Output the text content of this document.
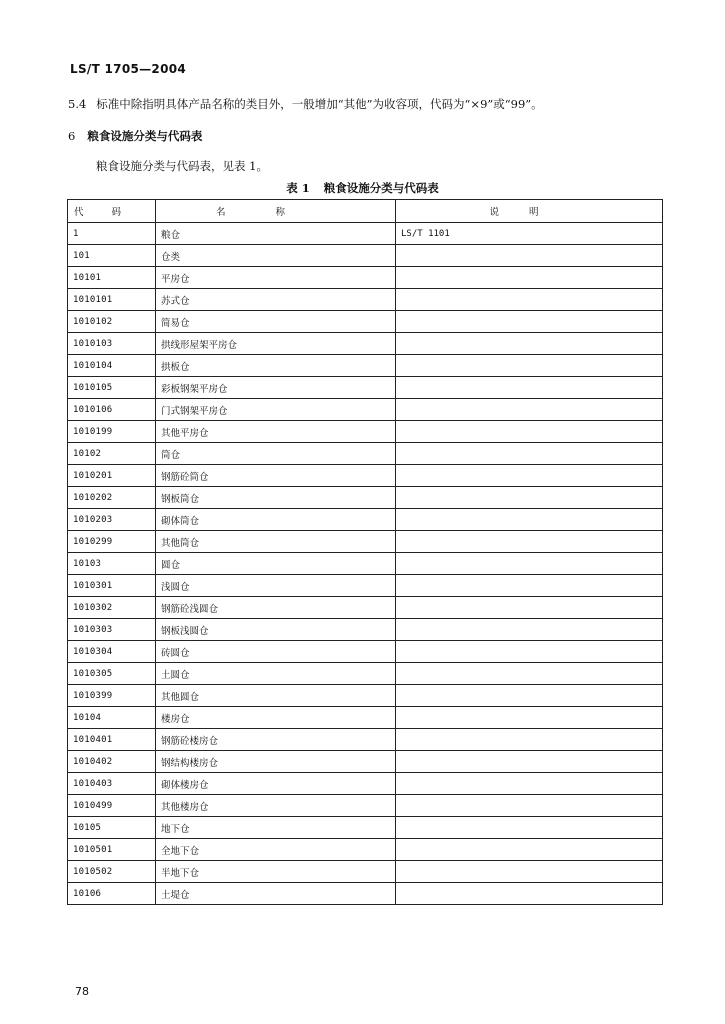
LS/T 1705—2004
5.4 标准中除指明具体产品名称的类目外，一般增加“其他”为收容项，代码为“×9”或“99”。
6 粮食设施分类与代码表
粮食设施分类与代码表，见表 1。
表 1 粮食设施分类与代码表
代码	名称	说明
1	粮仓	LS/T 1101
101	仓类	
10101	平房仓	
1010101	苏式仓	
1010102	简易仓	
1010103	拱线形屋架平房仓	
1010104	拱板仓	
1010105	彩板钢架平房仓	
1010106	门式钢架平房仓	
1010199	其他平房仓	
10102	筒仓	
1010201	钢筋砼筒仓	
1010202	钢板筒仓	
1010203	砌体筒仓	
1010299	其他筒仓	
10103	圆仓	
1010301	浅圆仓	
1010302	钢筋砼浅圆仓	
1010303	钢板浅圆仓	
1010304	砖圆仓	
1010305	土圆仓	
1010399	其他圆仓	
10104	楼房仓	
1010401	钢筋砼楼房仓	
1010402	钢结构楼房仓	
1010403	砌体楼房仓	
1010499	其他楼房仓	
10105	地下仓	
1010501	全地下仓	
1010502	半地下仓	
10106	土堤仓	
78
